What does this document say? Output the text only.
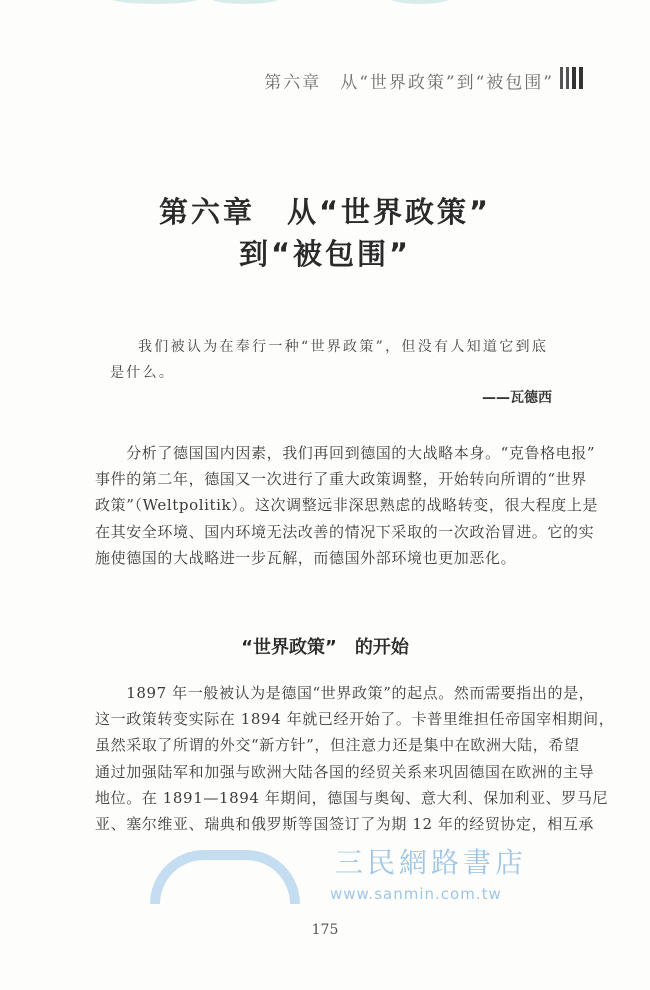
第六章　从“世界政策”到“被包围”
第六章　从“世界政策”
到“被包围”
我们被认为在奉行一种“世界政策”，但没有人知道它到底
是什么。
——瓦德西
　　分析了德国国内因素，我们再回到德国的大战略本身。“克鲁格电报”
事件的第二年，德国又一次进行了重大政策调整，开始转向所谓的“世界
政策”（Weltpolitik）。这次调整远非深思熟虑的战略转变，很大程度上是
在其安全环境、国内环境无法改善的情况下采取的一次政治冒进。它的实
施使德国的大战略进一步瓦解，而德国外部环境也更加恶化。
“世界政策”　的开始
　　1897 年一般被认为是德国“世界政策”的起点。然而需要指出的是，
这一政策转变实际在 1894 年就已经开始了。卡普里维担任帝国宰相期间，
虽然采取了所谓的外交“新方针”，但注意力还是集中在欧洲大陆，希望
通过加强陆军和加强与欧洲大陆各国的经贸关系来巩固德国在欧洲的主导
地位。在 1891—1894 年期间，德国与奥匈、意大利、保加利亚、罗马尼
亚、塞尔维亚、瑞典和俄罗斯等国签订了为期 12 年的经贸协定，相互承
三民網路書店
www.sanmin.com.tw
175
